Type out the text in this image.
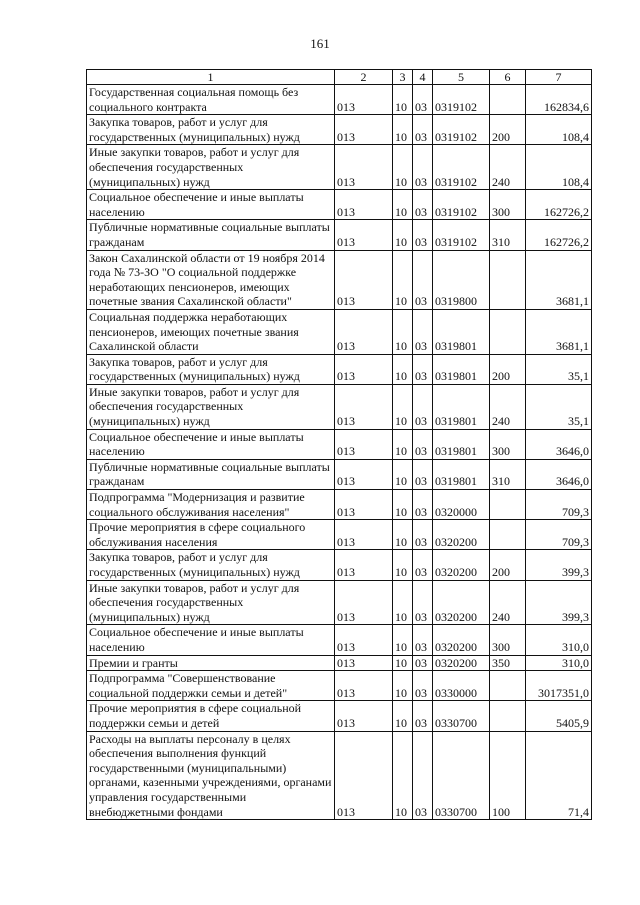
161
1	2	3	4	5	6	7
Государственная социальная помощь без социального контракта	013	10	03	0319102		162834,6
Закупка товаров, работ и услуг для государственных (муниципальных) нужд	013	10	03	0319102	200	108,4
Иные закупки товаров, работ и услуг для обеспечения государственных (муниципальных) нужд	013	10	03	0319102	240	108,4
Социальное обеспечение и иные выплаты населению	013	10	03	0319102	300	162726,2
Публичные нормативные социальные выплаты гражданам	013	10	03	0319102	310	162726,2
Закон Сахалинской области от 19 ноября 2014 года № 73-ЗО "О социальной поддержке неработающих пенсионеров, имеющих почетные звания Сахалинской области"	013	10	03	0319800		3681,1
Социальная поддержка неработающих пенсионеров, имеющих почетные звания Сахалинской области	013	10	03	0319801		3681,1
Закупка товаров, работ и услуг для государственных (муниципальных) нужд	013	10	03	0319801	200	35,1
Иные закупки товаров, работ и услуг для обеспечения государственных (муниципальных) нужд	013	10	03	0319801	240	35,1
Социальное обеспечение и иные выплаты населению	013	10	03	0319801	300	3646,0
Публичные нормативные социальные выплаты гражданам	013	10	03	0319801	310	3646,0
Подпрограмма "Модернизация и развитие социального обслуживания населения"	013	10	03	0320000		709,3
Прочие мероприятия в сфере социального обслуживания населения	013	10	03	0320200		709,3
Закупка товаров, работ и услуг для государственных (муниципальных) нужд	013	10	03	0320200	200	399,3
Иные закупки товаров, работ и услуг для обеспечения государственных (муниципальных) нужд	013	10	03	0320200	240	399,3
Социальное обеспечение и иные выплаты населению	013	10	03	0320200	300	310,0
Премии и гранты	013	10	03	0320200	350	310,0
Подпрограмма "Совершенствование социальной поддержки семьи и детей"	013	10	03	0330000		3017351,0
Прочие мероприятия в сфере социальной поддержки семьи и детей	013	10	03	0330700		5405,9
Расходы на выплаты персоналу в целях обеспечения выполнения функций государственными (муниципальными) органами, казенными учреждениями, органами управления государственными внебюджетными фондами	013	10	03	0330700	100	71,4
